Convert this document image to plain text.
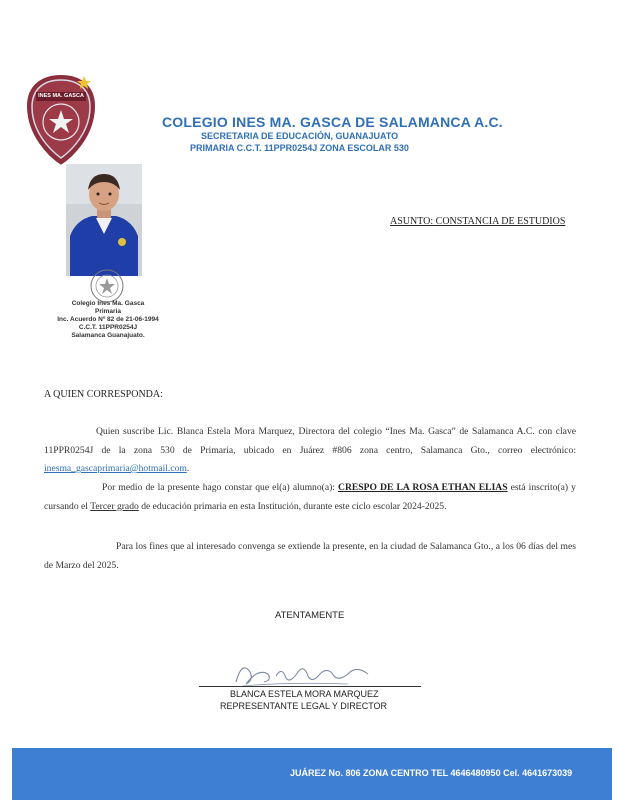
INES MA. GASCA
COLEGIO INES MA. GASCA DE SALAMANCA A.C.
SECRETARIA DE EDUCACIÓN, GUANAJUATO
PRIMARIA C.C.T. 11PPR0254J ZONA ESCOLAR 530
Colegio Ines Ma. Gasca
Primaria
Inc. Acuerdo Nº 82 de 21-06-1994
C.C.T. 11PPR0254J
Salamanca Guanajuato.
ASUNTO: CONSTANCIA DE ESTUDIOS
A QUIEN CORRESPONDA:
Quien suscribe Lic. Blanca Estela Mora Marquez, Directora del colegio “Ines Ma. Gasca” de Salamanca A.C. con clave 11PPR0254J de la zona 530 de Primaria, ubicado en Juárez #806 zona centro, Salamanca Gto., correo electrónico: inesma_gascaprimaria@hotmail.com.
Por medio de la presente hago constar que el(a) alumno(a): CRESPO DE LA ROSA ETHAN ELIAS está inscrito(a) y cursando el Tercer grado de educación primaria en esta Institución, durante este ciclo escolar 2024-2025.
Para los fines que al interesado convenga se extiende la presente, en la ciudad de Salamanca Gto., a los 06 días del mes de Marzo del 2025.
ATENTAMENTE
BLANCA ESTELA MORA MARQUEZ
REPRESENTANTE LEGAL Y DIRECTOR
JUÁREZ No. 806 ZONA CENTRO TEL 4646480950 Cel. 4641673039
